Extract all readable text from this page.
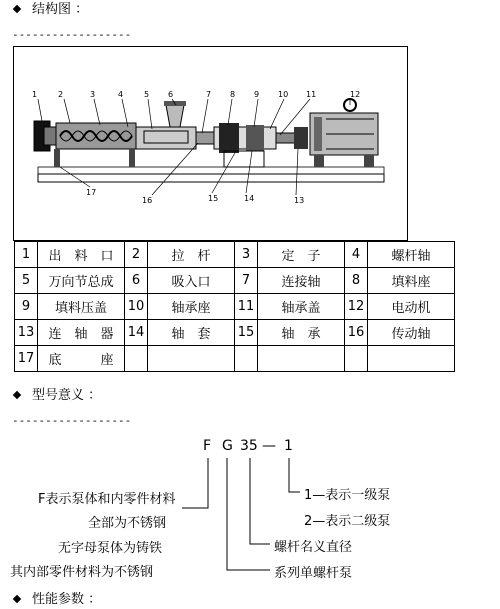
结构图 ：
------------------
1	2	3	4	5 6	7 8 9 10 11	12
13
14
15
16
17
1	出　料　口	2	拉　杆	3	定　子	4	螺杆轴
5	万向节总成	6	吸入口	7	连接轴	8	填料座
9	填料压盖	10	轴承座	11	轴承盖	12	电动机
13	连　轴　器	14	轴　套	15	轴　承	16	传动轴
17	底　　　座						
型号意义 ：
------------------
F G 35 — 1
F表示泵体和内零件材料
全部为不锈钢
无字母泵体为铸铁
其内部零件材料为不锈钢
1—表示一级泵
2—表示二级泵
螺杆名义直径
系列单螺杆泵
性能参数 ：
